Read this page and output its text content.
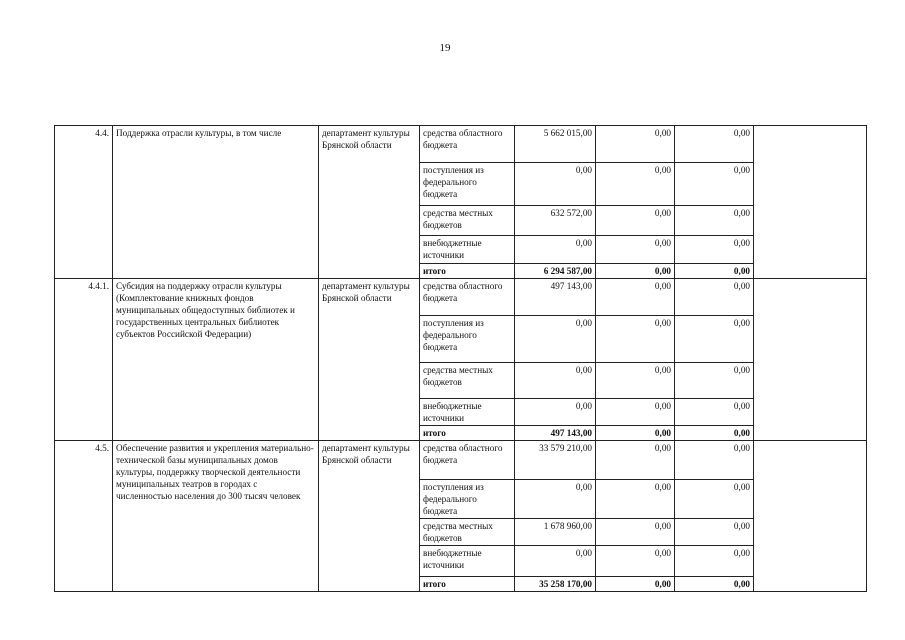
19
4.4.	Поддержка отрасли культуры, в том числе	департамент культуры Брянской области	средства областного бюджета	5 662 015,00	0,00	0,00	
			поступления из федерального бюджета	0,00	0,00	0,00	
			средства местных бюджетов	632 572,00	0,00	0,00	
			внебюджетные источники	0,00	0,00	0,00	
			итого	6 294 587,00	0,00	0,00	
4.4.1.	Субсидия на поддержку отрасли культуры (Комплектование книжных фондов муниципальных общедоступных библиотек и государственных центральных библиотек субъектов Российской Федерации)	департамент культуры Брянской области	средства областного бюджета	497 143,00	0,00	0,00	
			поступления из федерального бюджета	0,00	0,00	0,00	
			средства местных бюджетов	0,00	0,00	0,00	
			внебюджетные источники	0,00	0,00	0,00	
			итого	497 143,00	0,00	0,00	
4.5.	Обеспечение развития и укрепления материально-технической базы муниципальных домов культуры, поддержку творческой деятельности муниципальных театров в городах с численностью населения до 300 тысяч человек	департамент культуры Брянской области	средства областного бюджета	33 579 210,00	0,00	0,00	
			поступления из федерального бюджета	0,00	0,00	0,00	
			средства местных бюджетов	1 678 960,00	0,00	0,00	
			внебюджетные источники	0,00	0,00	0,00	
			итого	35 258 170,00	0,00	0,00	
